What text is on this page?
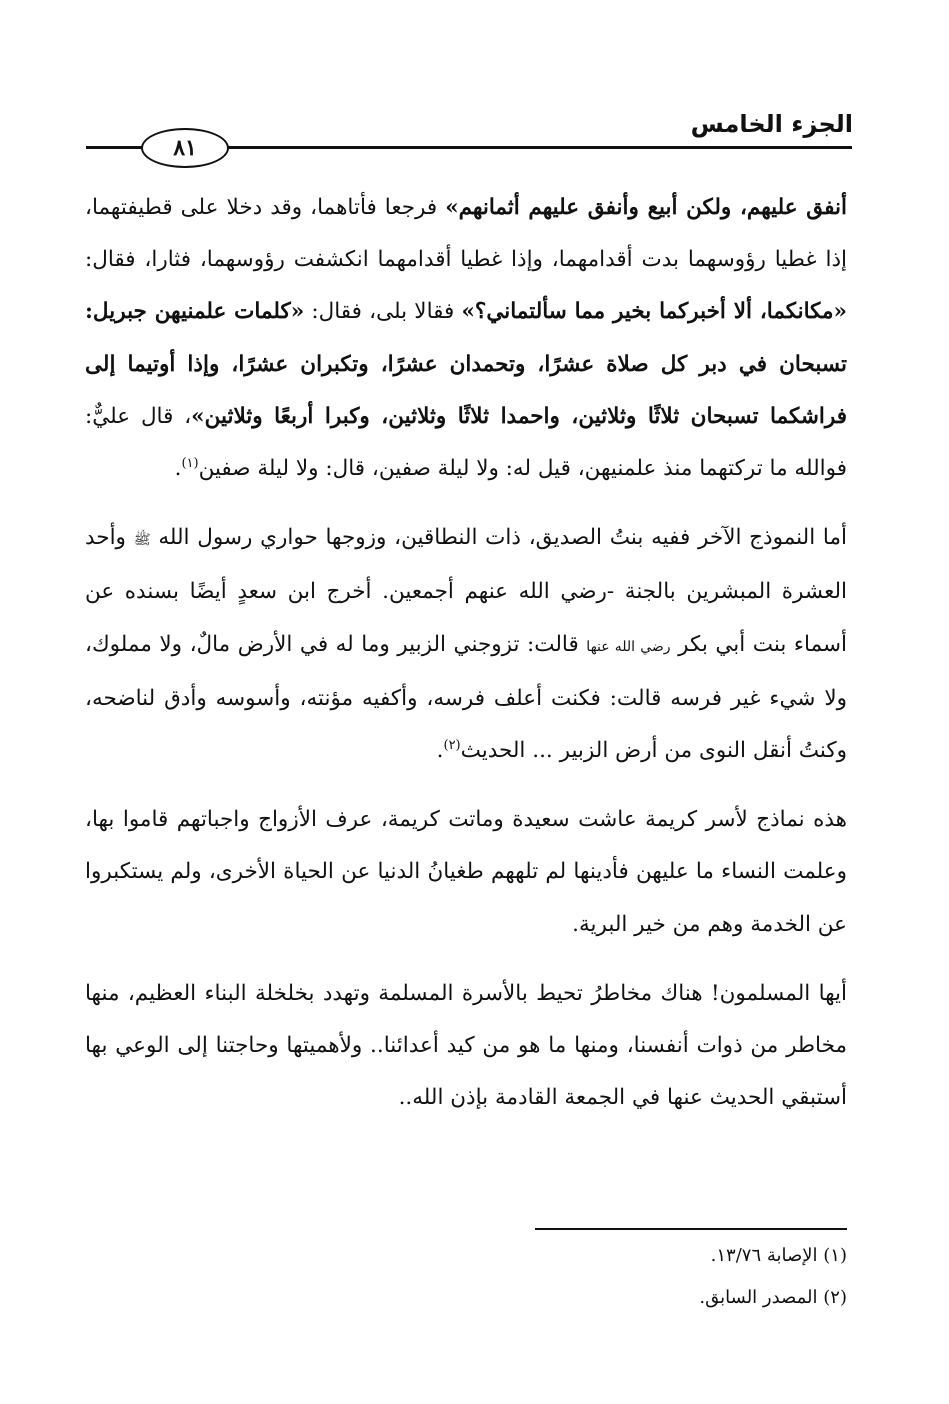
الجزء الخامس
٨١

أنفق عليهم، ولكن أبيع وأنفق عليهم أثمانهم» فرجعا فأتاهما، وقد دخلا على قطيفتهما، إذا غطيا رؤوسهما بدت أقدامهما، وإذا غطيا أقدامهما انكشفت رؤوسهما، فثارا، فقال: «مكانكما، ألا أخبركما بخير مما سألتماني؟» فقالا بلى، فقال: «كلمات علمنيهن جبريل: تسبحان في دبر كل صلاة عشرًا، وتحمدان عشرًا، وتكبران عشرًا، وإذا أوتيما إلى فراشكما تسبحان ثلاثًا وثلاثين، واحمدا ثلاثًا وثلاثين، وكبرا أربعًا وثلاثين»، قال عليٌّ: فوالله ما تركتهما منذ علمنيهن، قيل له: ولا ليلة صفين، قال: ولا ليلة صفين$^{(١)}$.

أما النموذج الآخر ففيه بنتُ الصديق، ذات النطاقين، وزوجها حواري رسول الله ﷺ وأحد العشرة المبشرين بالجنة -رضي الله عنهم أجمعين. أخرج ابن سعدٍ أيضًا بسنده عن أسماء بنت أبي بكر رضي الله عنها قالت: تزوجني الزبير وما له في الأرض مالٌ، ولا مملوك، ولا شيء غير فرسه قالت: فكنت أعلف فرسه، وأكفيه مؤنته، وأسوسه وأدق لناضحه، وكنتُ أنقل النوى من أرض الزبير ... الحديث$^{(٢)}$.

هذه نماذج لأسر كريمة عاشت سعيدة وماتت كريمة، عرف الأزواج واجباتهم قاموا بها، وعلمت النساء ما عليهن فأدينها لم تلههم طغيانُ الدنيا عن الحياة الأخرى، ولم يستكبروا عن الخدمة وهم من خير البرية.

أيها المسلمون! هناك مخاطرُ تحيط بالأسرة المسلمة وتهدد بخلخلة البناء العظيم، منها مخاطر من ذوات أنفسنا، ومنها ما هو من كيد أعدائنا.. ولأهميتها وحاجتنا إلى الوعي بها أستبقي الحديث عنها في الجمعة القادمة بإذن الله..

(١) الإصابة ١٣/٧٦.
(٢) المصدر السابق.
